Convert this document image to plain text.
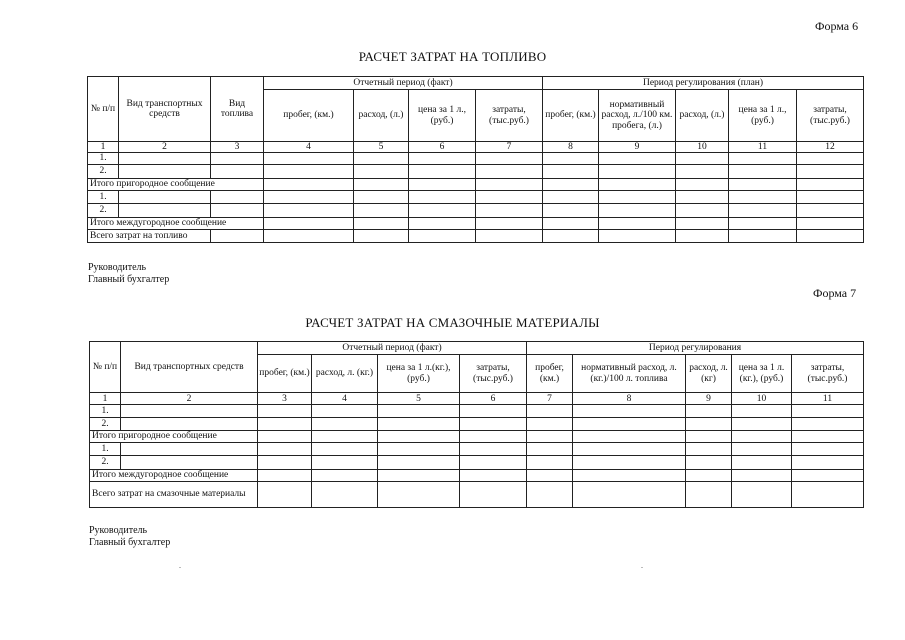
Форма 6
РАСЧЕТ ЗАТРАТ НА ТОПЛИВО
№ п/п	Вид транспортных средств	Вид топлива	Отчетный период (факт)				Период регулирования (план)				
			пробег, (км.)	расход, (л.)	цена за 1 л., (руб.)	затраты, (тыс.руб.)	пробег, (км.)	нормативный расход, л./100 км. пробега, (л.)	расход, (л.)	цена за 1 л., (руб.)	затраты, (тыс.руб.)
1	2	3	4	5	6	7	8	9	10	11	12
1.											
2.											
Итого пригородное сообщение											
1.											
2.											
Итого междугородное сообщение											
Всего затрат на топливо											
Руководитель
Главный бухгалтер
Форма 7
РАСЧЕТ ЗАТРАТ НА СМАЗОЧНЫЕ МАТЕРИАЛЫ
№ п/п	Вид транспортных средств	Отчетный период (факт)				Период регулирования				
		пробег, (км.)	расход, л. (кг.)	цена за 1 л.(кг.), (руб.)	затраты, (тыс.руб.)	пробег, (км.)	нормативный расход, л.(кг.)/100 л. топлива	расход, л. (кг)	цена за 1 л.(кг.), (руб.)	затраты, (тыс.руб.)
1	2	3	4	5	6	7	8	9	10	11
1.										
2.										
Итого пригородное сообщение										
1.										
2.										
Итого междугородное сообщение										
Всего затрат на смазочные материалы										
Руководитель
Главный бухгалтер
